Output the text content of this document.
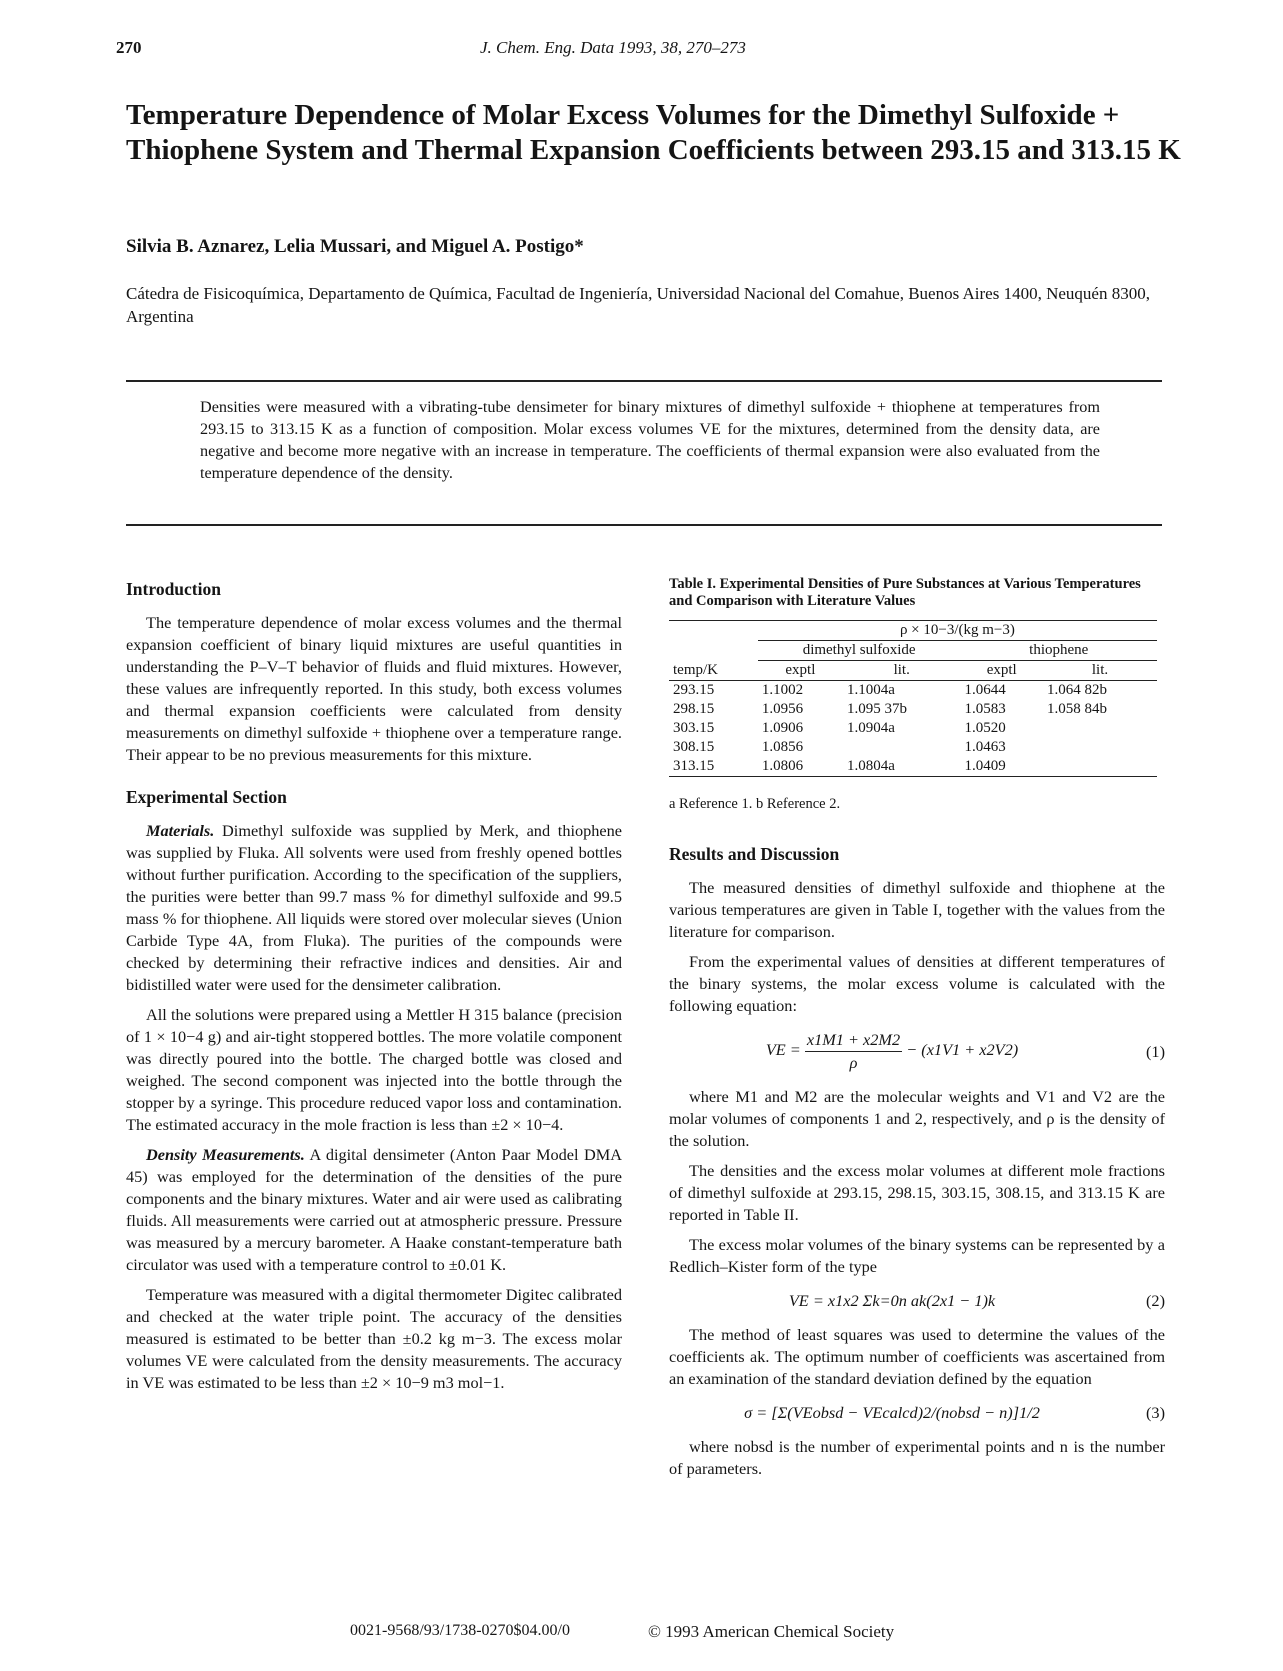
270	J. Chem. Eng. Data 1993, 38, 270–273
Temperature Dependence of Molar Excess Volumes for the Dimethyl Sulfoxide + Thiophene System and Thermal Expansion Coefficients between 293.15 and 313.15 K
Silvia B. Aznarez, Lelia Mussari, and Miguel A. Postigo*
Cátedra de Fisicoquímica, Departamento de Química, Facultad de Ingeniería, Universidad Nacional del Comahue, Buenos Aires 1400, Neuquén 8300, Argentina
Densities were measured with a vibrating-tube densimeter for binary mixtures of dimethyl sulfoxide + thiophene at temperatures from 293.15 to 313.15 K as a function of composition. Molar excess volumes VE for the mixtures, determined from the density data, are negative and become more negative with an increase in temperature. The coefficients of thermal expansion were also evaluated from the temperature dependence of the density.
Introduction

The temperature dependence of molar excess volumes and the thermal expansion coefficient of binary liquid mixtures are useful quantities in understanding the P–V–T behavior of fluids and fluid mixtures. However, these values are infrequently reported. In this study, both excess volumes and thermal expansion coefficients were calculated from density measurements on dimethyl sulfoxide + thiophene over a temperature range. Their appear to be no previous measurements for this mixture.

Experimental Section

Materials. Dimethyl sulfoxide was supplied by Merk, and thiophene was supplied by Fluka. All solvents were used from freshly opened bottles without further purification. According to the specification of the suppliers, the purities were better than 99.7 mass % for dimethyl sulfoxide and 99.5 mass % for thiophene. All liquids were stored over molecular sieves (Union Carbide Type 4A, from Fluka). The purities of the compounds were checked by determining their refractive indices and densities. Air and bidistilled water were used for the densimeter calibration.

All the solutions were prepared using a Mettler H 315 balance (precision of 1 × 10−4 g) and air-tight stoppered bottles. The more volatile component was directly poured into the bottle. The charged bottle was closed and weighed. The second component was injected into the bottle through the stopper by a syringe. This procedure reduced vapor loss and contamination. The estimated accuracy in the mole fraction is less than ±2 × 10−4.

Density Measurements. A digital densimeter (Anton Paar Model DMA 45) was employed for the determination of the densities of the pure components and the binary mixtures. Water and air were used as calibrating fluids. All measurements were carried out at atmospheric pressure. Pressure was measured by a mercury barometer. A Haake constant-temperature bath circulator was used with a temperature control to ±0.01 K.

Temperature was measured with a digital thermometer Digitec calibrated and checked at the water triple point. The accuracy of the densities measured is estimated to be better than ±0.2 kg m−3. The excess molar volumes VE were calculated from the density measurements. The accuracy in VE was estimated to be less than ±2 × 10−9 m3 mol−1.

Table I. Experimental Densities of Pure Substances at Various Temperatures and Comparison with Literature Values
	ρ × 10−3/(kg m−3)			
	dimethyl sulfoxide		thiophene	
temp/K	exptl	lit.	exptl	lit.
293.15	1.1002	1.1004a	1.0644	1.064 82b
298.15	1.0956	1.095 37b	1.0583	1.058 84b
303.15	1.0906	1.0904a	1.0520	
308.15	1.0856		1.0463	
313.15	1.0806	1.0804a	1.0409	
a Reference 1. b Reference 2.
Results and Discussion

The measured densities of dimethyl sulfoxide and thiophene at the various temperatures are given in Table I, together with the values from the literature for comparison.

From the experimental values of densities at different temperatures of the binary systems, the molar excess volume is calculated with the following equation:

VE = $\frac{x1M1 + x2M2}{\rho} - (x1V1 + x2V2)$	(1)

where M1 and M2 are the molecular weights and V1 and V2 are the molar volumes of components 1 and 2, respectively, and ρ is the density of the solution.

The densities and the excess molar volumes at different mole fractions of dimethyl sulfoxide at 293.15, 298.15, 303.15, 308.15, and 313.15 K are reported in Table II.

The excess molar volumes of the binary systems can be represented by a Redlich–Kister form of the type

VE = x1x2 Σk=0n ak(2x1 − 1)k	(2)

The method of least squares was used to determine the values of the coefficients ak. The optimum number of coefficients was ascertained from an examination of the standard deviation defined by the equation

σ = [Σ(VEobsd − VEcalcd)2/(nobsd − n)]1/2	(3)

where nobsd is the number of experimental points and n is the number of parameters.

0021-9568/93/1738-0270$04.00/0	© 1993 American Chemical Society
